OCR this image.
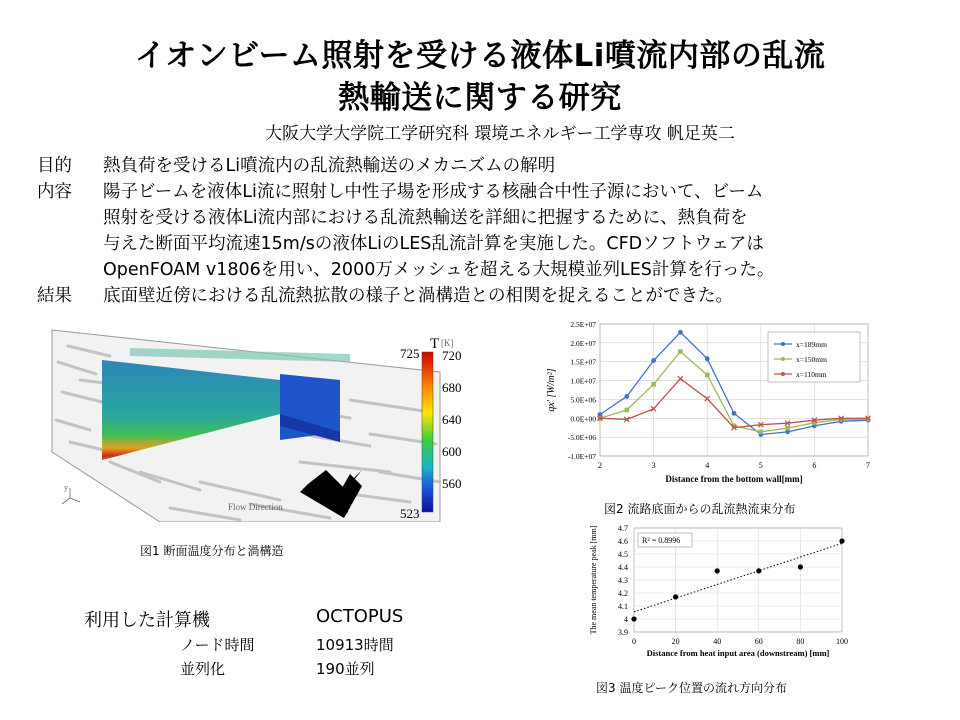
イオンビーム照射を受ける液体Li噴流内部の乱流
熱輸送に関する研究
大阪大学大学院工学研究科 環境エネルギー工学専攻 帆足英二
目的 熱負荷を受けるLi噴流内の乱流熱輸送のメカニズムの解明
内容 陽子ビームを液体Li流に照射し中性子場を形成する核融合中性子源において、ビーム
照射を受ける液体Li流内部における乱流熱輸送を詳細に把握するために、熱負荷を
与えた断面平均流速15m/sの液体LiのLES乱流計算を実施した。CFDソフトウェアは
OpenFOAM v1806を用い、2000万メッシュを超える大規模並列LES計算を行った。
結果 底面壁近傍における乱流熱拡散の様子と渦構造との相関を捉えることができた。
T [K]
725
523
720
680
640
600
560
Flow Direction
y
図1 断面温度分布と渦構造
2.5E+07
2.0E+07
1.5E+07
1.0E+07
5.0E+06
0.0E+00
-5.0E+06
-1.0E+07
2	3	4	5	6	7
Distance from the bottom wall[mm]
qx' [W/m²]
x=189mm
x=150mm
x=110mm
図2 流路底面からの乱流熱流束分布
4.7
4.6
4.5
4.4
4.3
4.2
4.1
4
3.9
0	20	40	60	80	100
Distance from heat input area (downstream) [mm]
The mean temperature peak [mm]	R² = 0.8996
図3 温度ピーク位置の流れ方向分布
利用した計算機	OCTOPUS
ノード時間	10913時間
並列化	190並列
